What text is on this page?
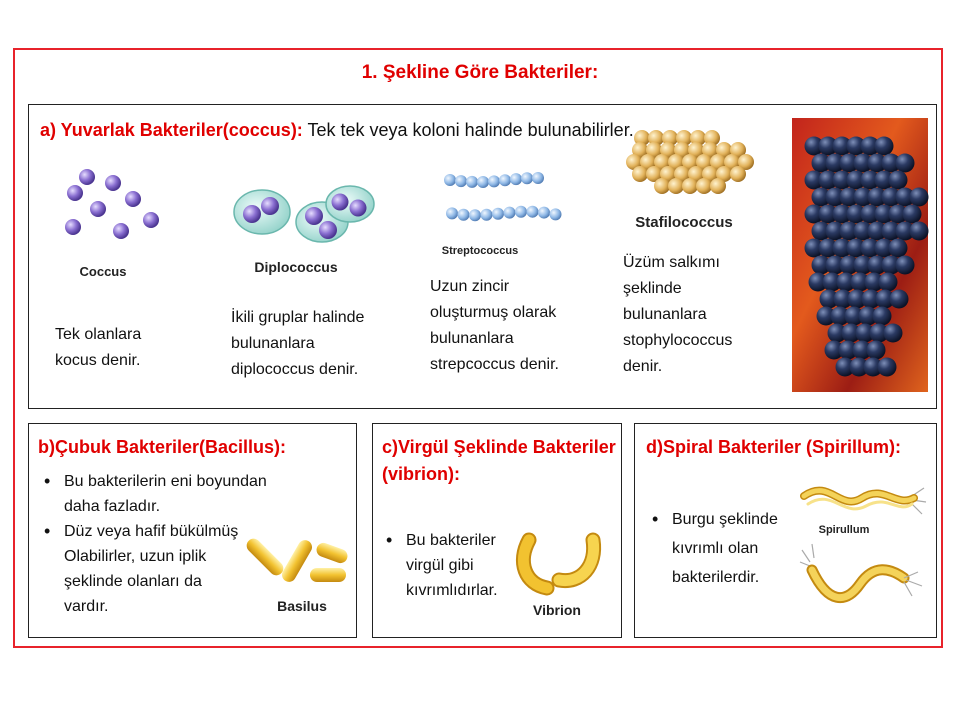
1. Şekline Göre Bakteriler:
a) Yuvarlak Bakteriler(coccus): Tek tek veya koloni halinde bulunabilirler.
Coccus

Tek olanlara
kocus denir.

Diplococcus

İkili gruplar halinde
bulunanlara
diplococcus denir.

Streptococcus

Uzun zincir
oluşturmuş olarak
bulunanlara
strepcoccus denir.

Stafilococcus

Üzüm salkımı
şeklinde
bulunanlara
stophylococcus
denir.

b)Çubuk Bakteriler(Bacillus):
• Bu bakterilerin eni boyundan
daha fazladır.
• Düz veya hafif bükülmüş
Olabilirler, uzun iplik
şeklinde olanları da
vardır.	Basilus
c)Virgül Şeklinde Bakteriler
(vibrion):
• Bu bakteriler
virgül gibi
kıvrımlıdırlar.
Vibrion
d)Spiral Bakteriler (Spirillum):
• Burgu şeklinde
kıvrımlı olan
bakterilerdir.
Spirullum
